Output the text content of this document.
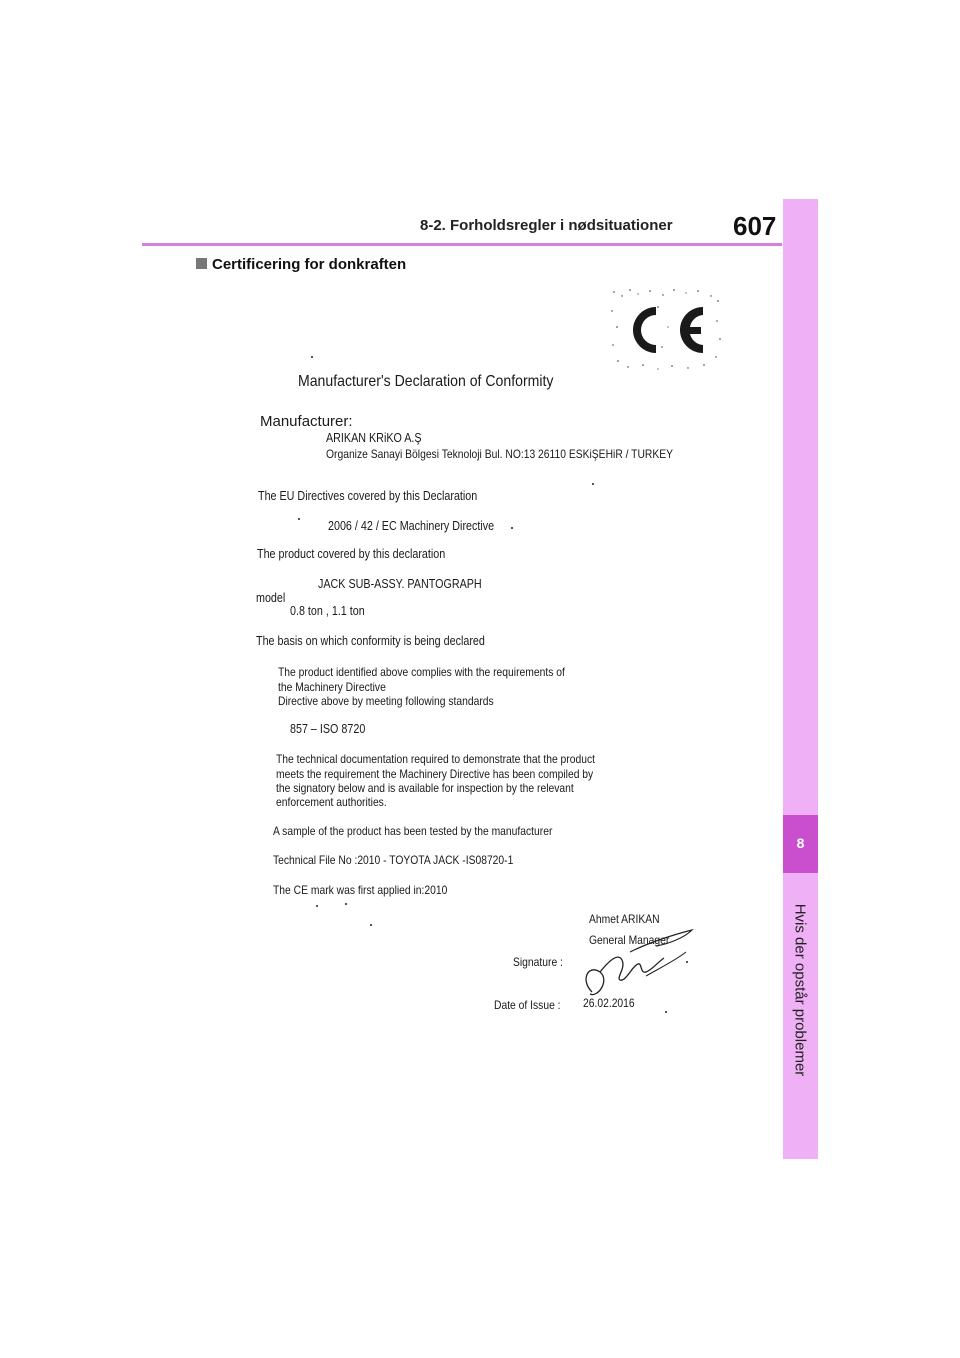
8-2. Forholdsregler i nødsituationer 607
8
Hvis der opstår problemer
Certificering for donkraften
Manufacturer's Declaration of Conformity
Manufacturer:
ARIKAN KRiKO A.Ş
Organize Sanayi Bölgesi Teknoloji Bul. NO:13 26110 ESKiŞEHiR / TURKEY
The EU Directives covered by this Declaration
2006 / 42 / EC Machinery Directive
The product covered by this declaration
JACK SUB-ASSY. PANTOGRAPH
model
0.8 ton , 1.1 ton
The basis on which conformity is being declared
The product identified above complies with the requirements of
the Machinery Directive
Directive above by meeting following standards
857 – ISO 8720
The technical documentation required to demonstrate that the product
meets the requirement the Machinery Directive has been compiled by
the signatory below and is available for inspection by the relevant
enforcement authorities.
A sample of the product has been tested by the manufacturer
Technical File No :2010 - TOYOTA JACK -IS08720-1
The CE mark was first applied in:2010
Ahmet ARIKAN
General Manager
Signature :
Date of Issue : 26.02.2016
